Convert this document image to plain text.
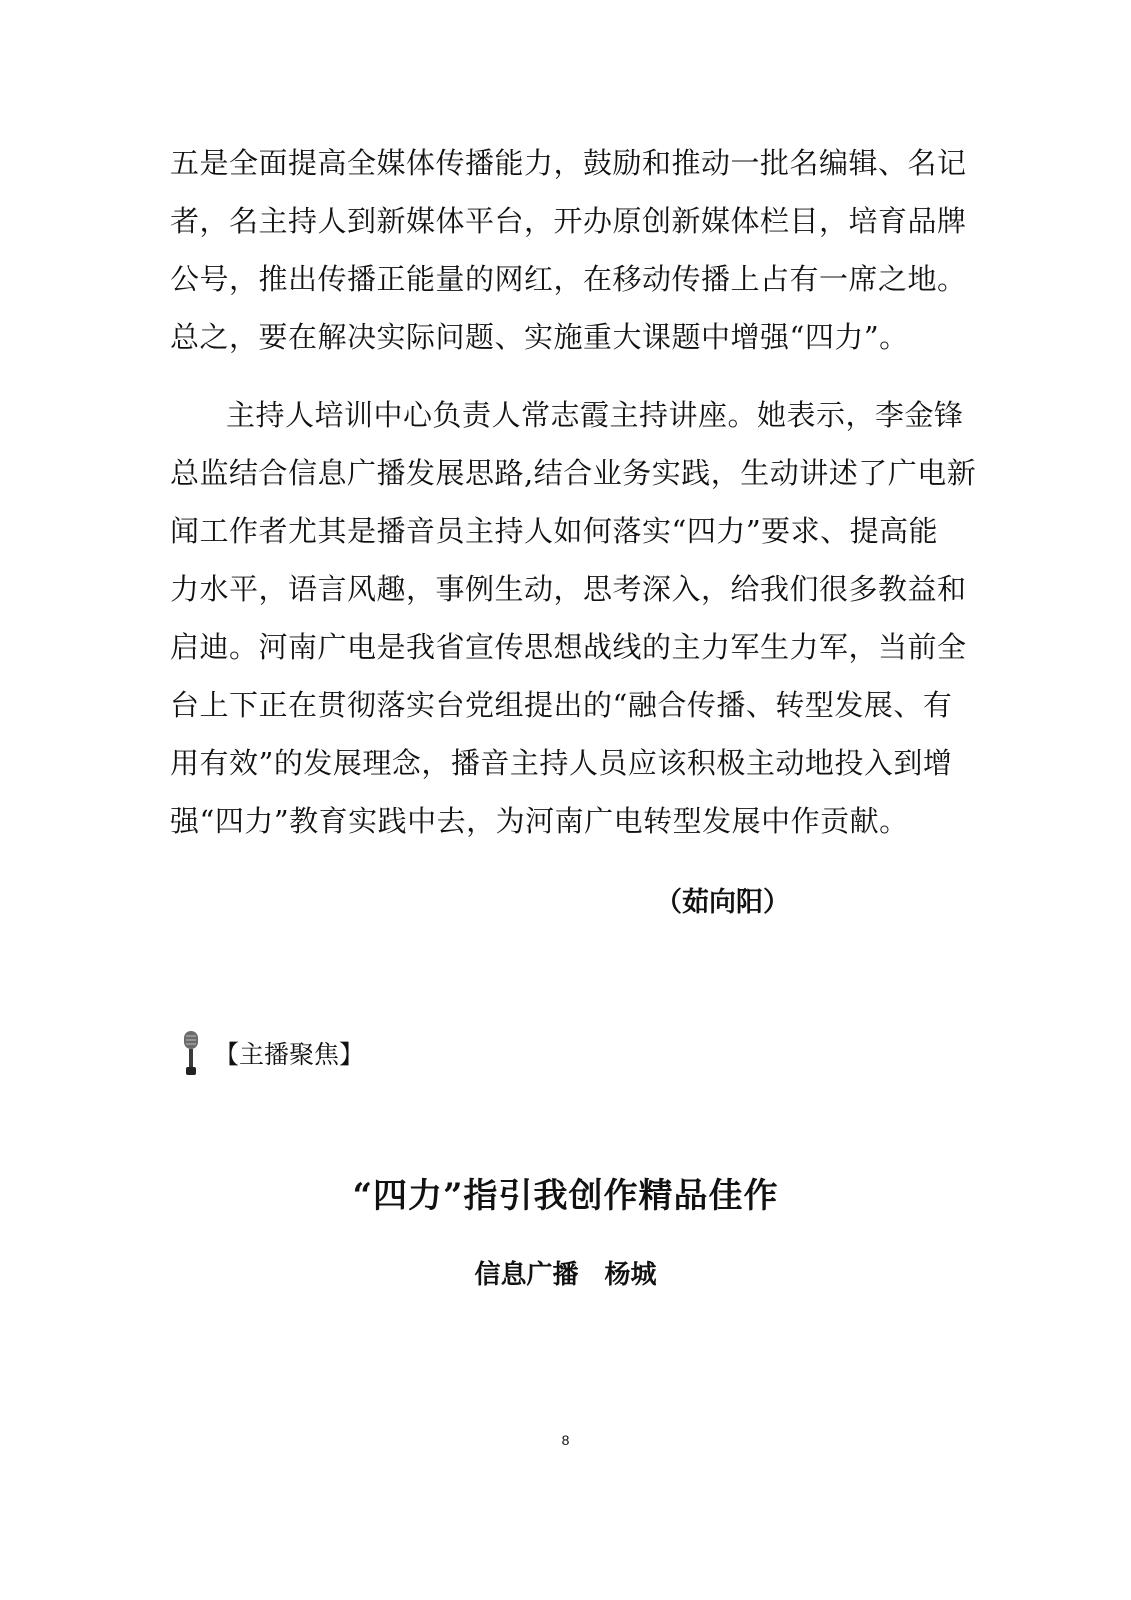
五是全面提高全媒体传播能力，鼓励和推动一批名编辑、名记
者，名主持人到新媒体平台，开办原创新媒体栏目，培育品牌
公号，推出传播正能量的网红，在移动传播上占有一席之地。
总之，要在解决实际问题、实施重大课题中增强“四力”。
主持人培训中心负责人常志霞主持讲座。她表示，李金锋
总监结合信息广播发展思路,结合业务实践，生动讲述了广电新
闻工作者尤其是播音员主持人如何落实“四力”要求、提高能
力水平，语言风趣，事例生动，思考深入，给我们很多教益和
启迪。河南广电是我省宣传思想战线的主力军生力军，当前全
台上下正在贯彻落实台党组提出的“融合传播、转型发展、有
用有效”的发展理念，播音主持人员应该积极主动地投入到增
强“四力”教育实践中去，为河南广电转型发展中作贡献。
（茹向阳）
【主播聚焦】
“四力”指引我创作精品佳作
信息广播　杨城
8
